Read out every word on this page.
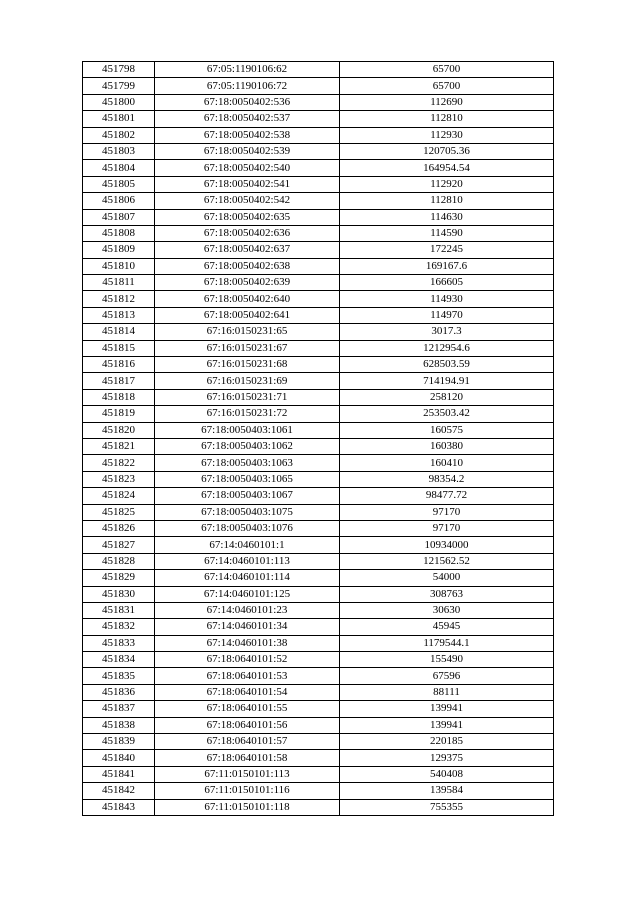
451798	67:05:1190106:62	65700
451799	67:05:1190106:72	65700
451800	67:18:0050402:536	112690
451801	67:18:0050402:537	112810
451802	67:18:0050402:538	112930
451803	67:18:0050402:539	120705.36
451804	67:18:0050402:540	164954.54
451805	67:18:0050402:541	112920
451806	67:18:0050402:542	112810
451807	67:18:0050402:635	114630
451808	67:18:0050402:636	114590
451809	67:18:0050402:637	172245
451810	67:18:0050402:638	169167.6
451811	67:18:0050402:639	166605
451812	67:18:0050402:640	114930
451813	67:18:0050402:641	114970
451814	67:16:0150231:65	3017.3
451815	67:16:0150231:67	1212954.6
451816	67:16:0150231:68	628503.59
451817	67:16:0150231:69	714194.91
451818	67:16:0150231:71	258120
451819	67:16:0150231:72	253503.42
451820	67:18:0050403:1061	160575
451821	67:18:0050403:1062	160380
451822	67:18:0050403:1063	160410
451823	67:18:0050403:1065	98354.2
451824	67:18:0050403:1067	98477.72
451825	67:18:0050403:1075	97170
451826	67:18:0050403:1076	97170
451827	67:14:0460101:1	10934000
451828	67:14:0460101:113	121562.52
451829	67:14:0460101:114	54000
451830	67:14:0460101:125	308763
451831	67:14:0460101:23	30630
451832	67:14:0460101:34	45945
451833	67:14:0460101:38	1179544.1
451834	67:18:0640101:52	155490
451835	67:18:0640101:53	67596
451836	67:18:0640101:54	88111
451837	67:18:0640101:55	139941
451838	67:18:0640101:56	139941
451839	67:18:0640101:57	220185
451840	67:18:0640101:58	129375
451841	67:11:0150101:113	540408
451842	67:11:0150101:116	139584
451843	67:11:0150101:118	755355
